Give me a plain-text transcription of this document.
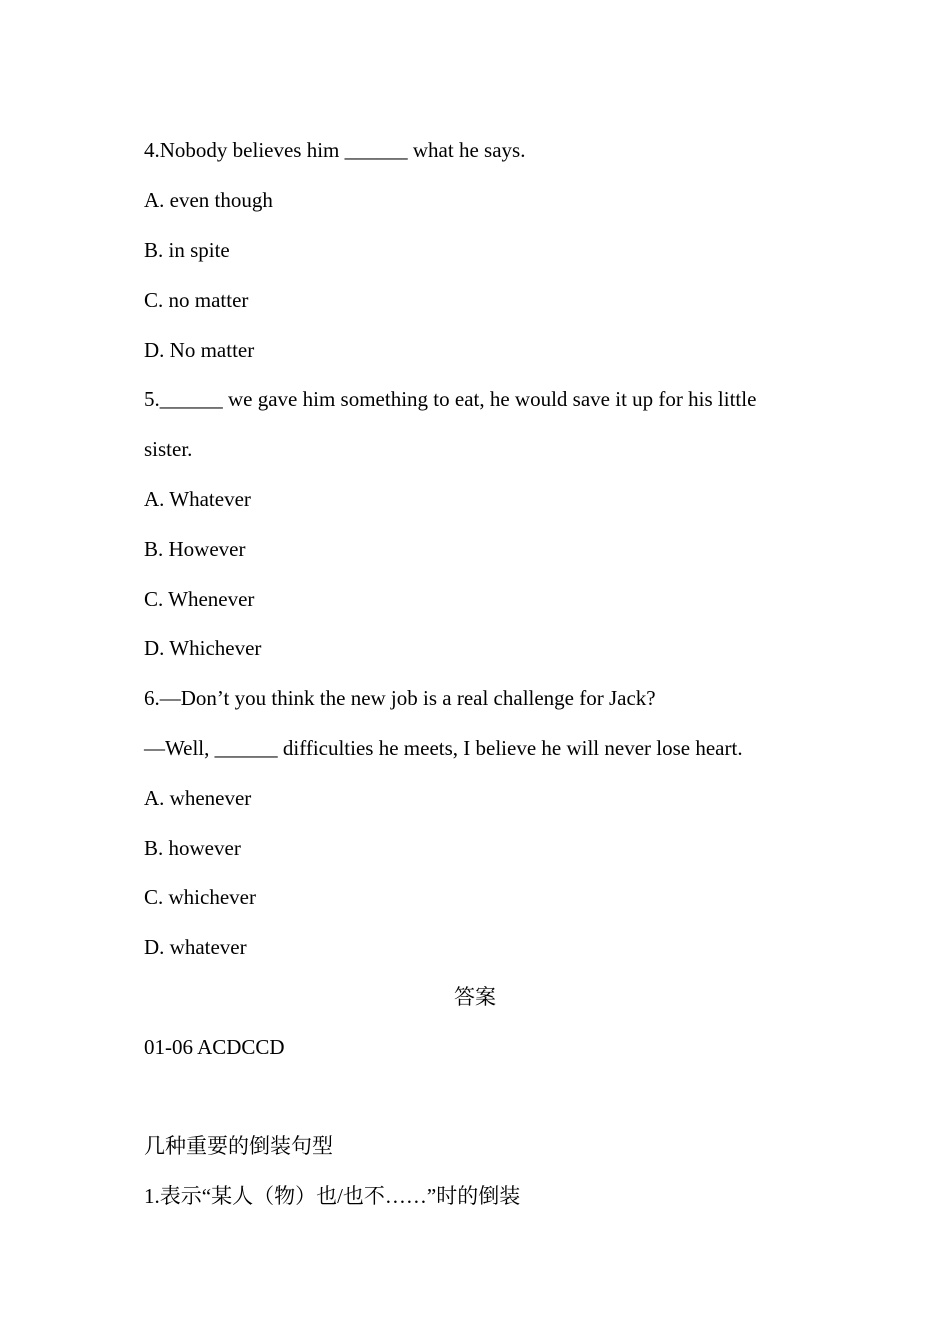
4.Nobody believes him ______ what he says.
A. even though
B. in spite
C. no matter
D. No matter
5.______ we gave him something to eat, he would save it up for his little
sister.
A. Whatever
B. However
C. Whenever
D. Whichever
6.—Don’t you think the new job is a real challenge for Jack?
—Well, ______ difficulties he meets, I believe he will never lose heart.
A. whenever
B. however
C. whichever
D. whatever
答案
01-06 ACDCCD
几种重要的倒装句型
1.表示“某人（物）也/也不……”时的倒装
